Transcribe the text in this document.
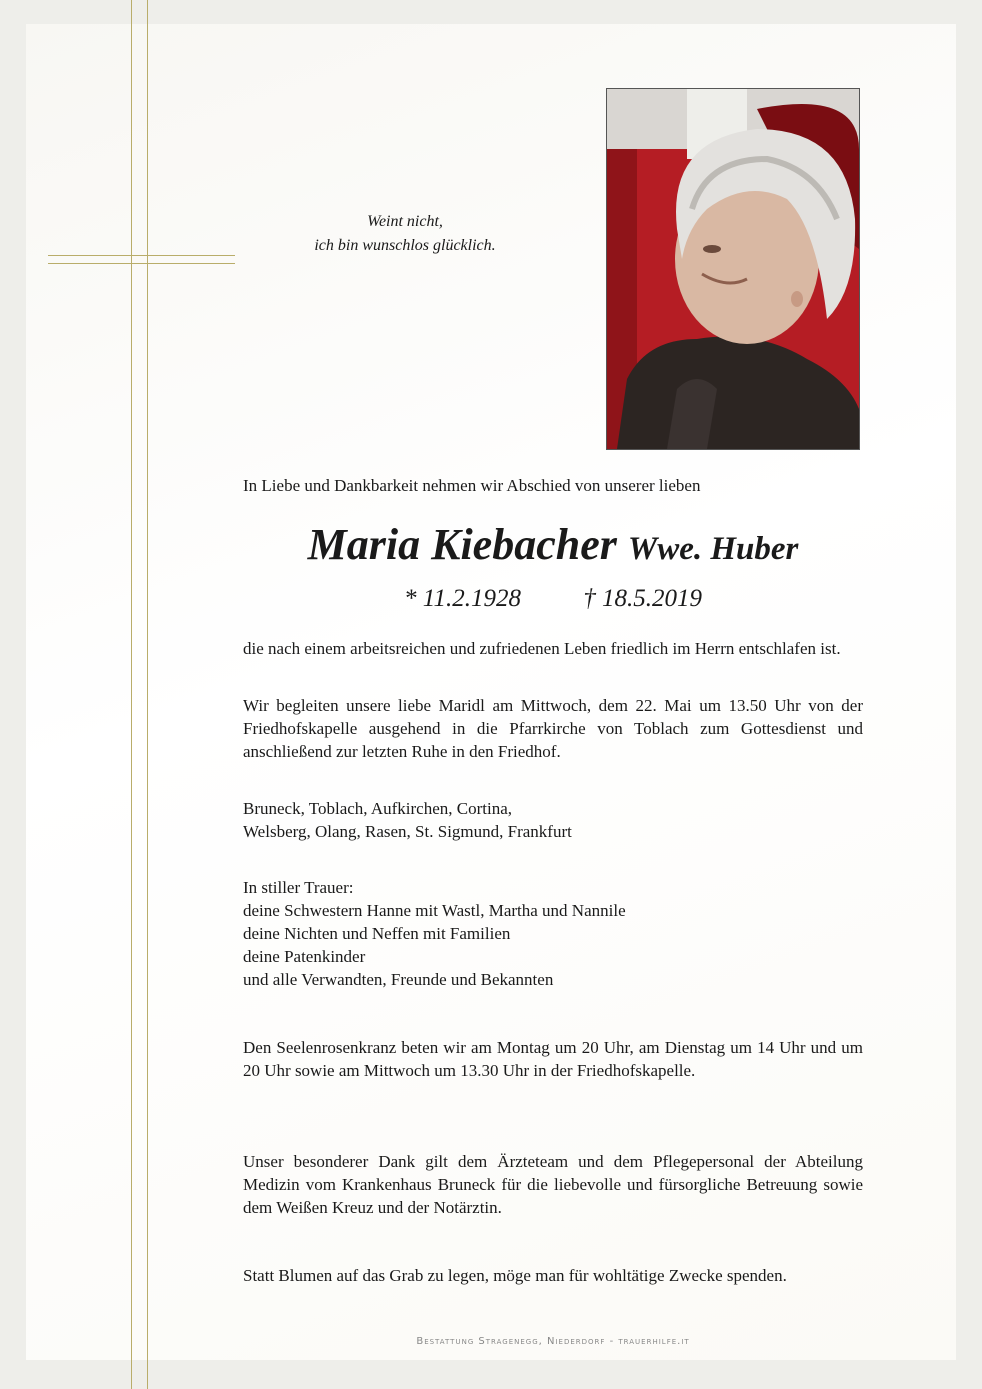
Weint nicht,
ich bin wunschlos glücklich.
In Liebe und Dankbarkeit nehmen wir Abschied von unserer lieben
Maria Kiebacher Wwe. Huber
* 11.2.1928 † 18.5.2019
die nach einem arbeitsreichen und zufriedenen Leben friedlich im Herrn entschlafen ist.
Wir begleiten unsere liebe Maridl am Mittwoch, dem 22. Mai um 13.50 Uhr von der Friedhofskapelle ausgehend in die Pfarrkirche von Toblach zum Gottesdienst und anschließend zur letzten Ruhe in den Friedhof.
Bruneck, Toblach, Aufkirchen, Cortina,
Welsberg, Olang, Rasen, St. Sigmund, Frankfurt
In stiller Trauer:
deine Schwestern Hanne mit Wastl, Martha und Nannile
deine Nichten und Neffen mit Familien
deine Patenkinder
und alle Verwandten, Freunde und Bekannten
Den Seelenrosenkranz beten wir am Montag um 20 Uhr, am Dienstag um 14 Uhr und um 20 Uhr sowie am Mittwoch um 13.30 Uhr in der Friedhofskapelle.
Unser besonderer Dank gilt dem Ärzteteam und dem Pflegepersonal der Abteilung Medizin vom Krankenhaus Bruneck für die liebevolle und fürsorgliche Betreuung sowie dem Weißen Kreuz und der Notärztin.
Statt Blumen auf das Grab zu legen, möge man für wohltätige Zwecke spenden.
Bestattung Stragenegg, Niederdorf - trauerhilfe.it
